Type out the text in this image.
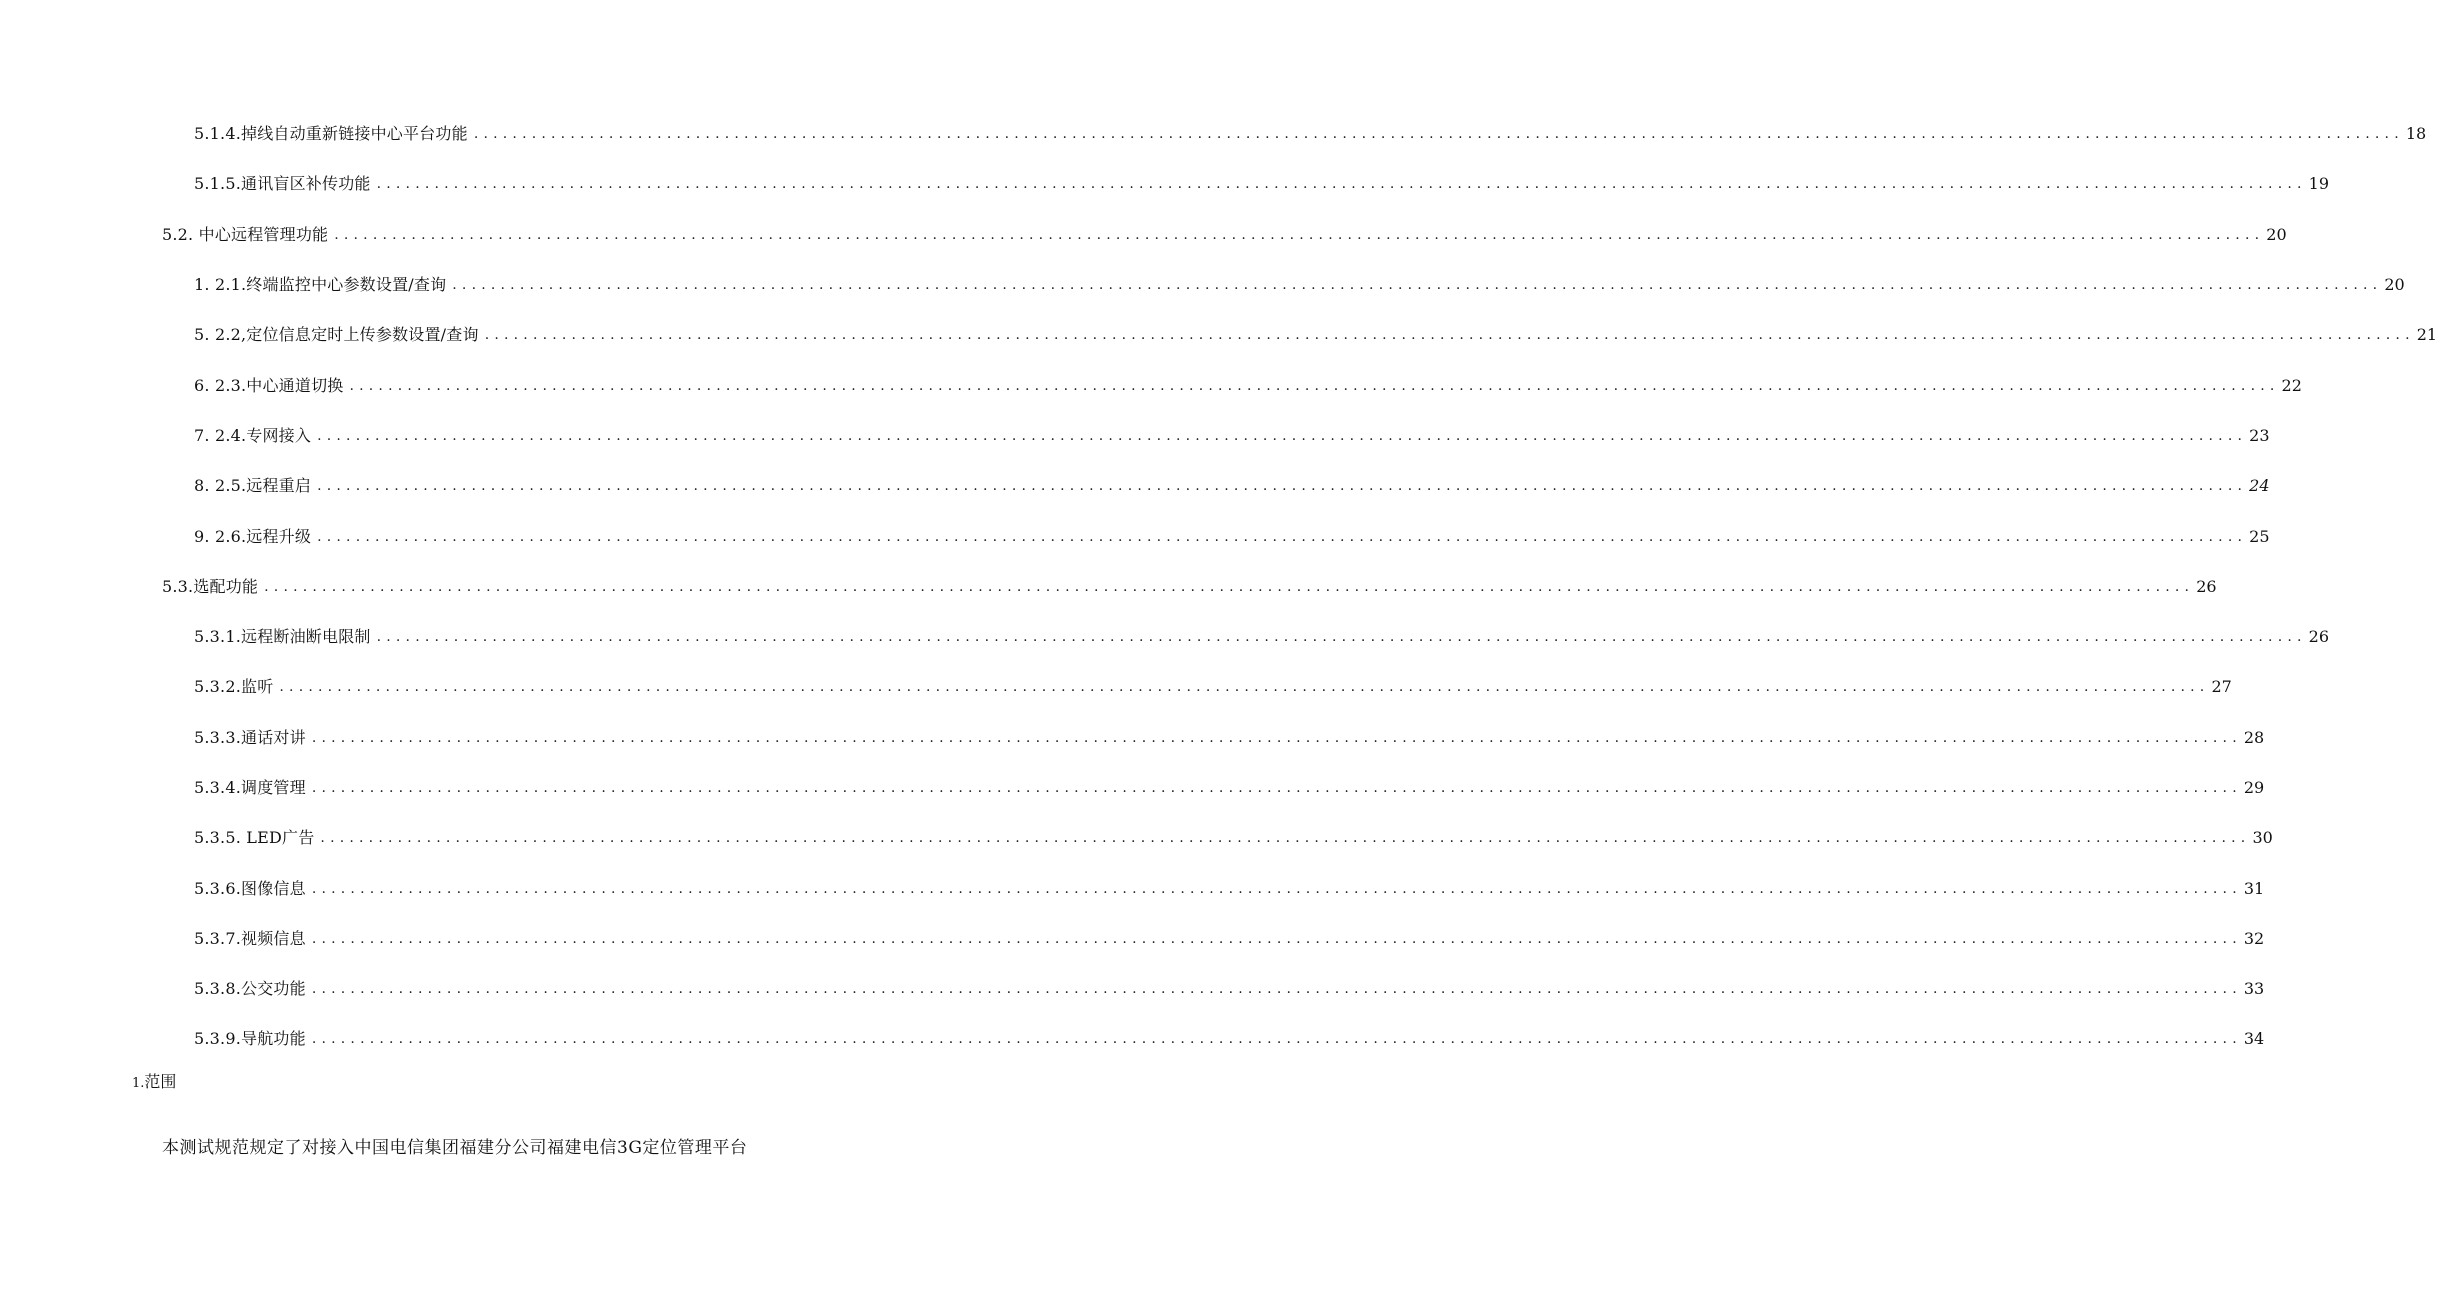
5.1.4.掉线自动重新链接中心平台功能 ........................................................................................................................................................................................................ 18
5.1.5.通讯盲区补传功能 ........................................................................................................................................................................................................ 19
5.2. 中心远程管理功能 ........................................................................................................................................................................................................ 20
1. 2.1.终端监控中心参数设置/查询 ........................................................................................................................................................................................................ 20
5. 2.2,定位信息定时上传参数设置/查询 ........................................................................................................................................................................................................ 21
6. 2.3.中心通道切换 ........................................................................................................................................................................................................ 22
7. 2.4.专网接入 ........................................................................................................................................................................................................ 23
8. 2.5.远程重启 ........................................................................................................................................................................................................ 24
9. 2.6.远程升级 ........................................................................................................................................................................................................ 25
5.3.选配功能 ........................................................................................................................................................................................................ 26
5.3.1.远程断油断电限制 ........................................................................................................................................................................................................ 26
5.3.2.监听 ........................................................................................................................................................................................................ 27
5.3.3.通话对讲 ........................................................................................................................................................................................................ 28
5.3.4.调度管理 ........................................................................................................................................................................................................ 29
5.3.5. LED广告 ........................................................................................................................................................................................................ 30
5.3.6.图像信息 ........................................................................................................................................................................................................ 31
5.3.7.视频信息 ........................................................................................................................................................................................................ 32
5.3.8.公交功能 ........................................................................................................................................................................................................ 33
5.3.9.导航功能 ........................................................................................................................................................................................................ 34
1.范围
本测试规范规定了对接入中国电信集团福建分公司福建电信3G定位管理平台
